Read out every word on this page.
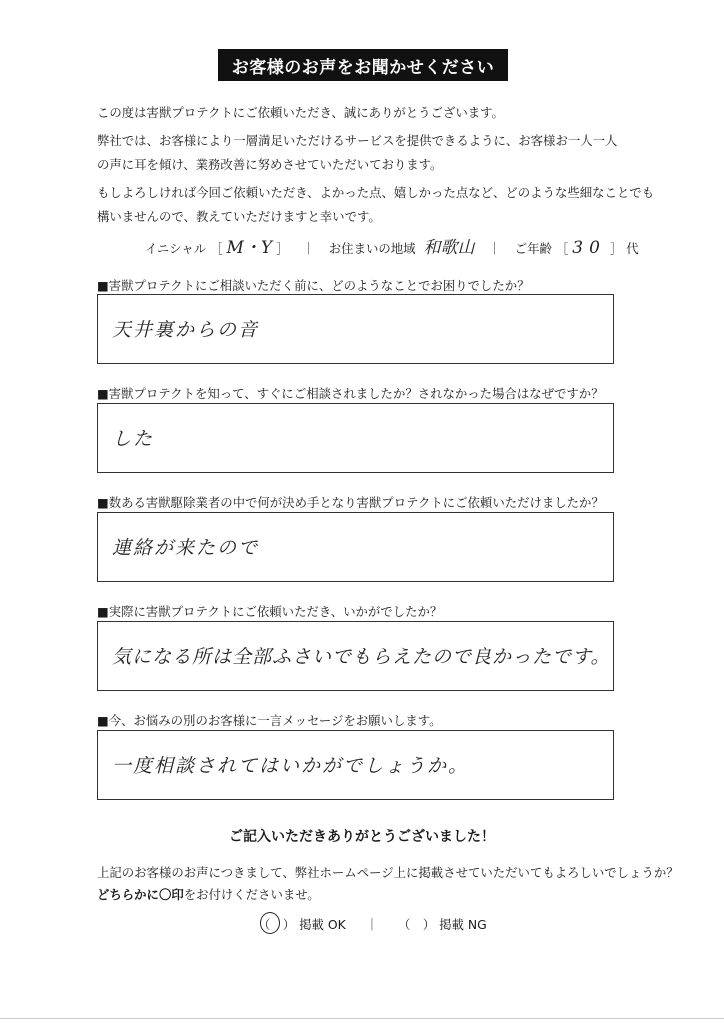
お客様のお声をお聞かせください

この度は害獣プロテクトにご依頼いただき、誠にありがとうございます。

弊社では、お客様により一層満足いただけるサービスを提供できるように、お客様お一人一人

の声に耳を傾け、業務改善に努めさせていただいております。

もしよろしければ今回ご依頼いただき、よかった点、嬉しかった点など、どのような些細なことでも

構いませんので、教えていただけますと幸いです。

イニシャル ［ M・Y ］ ｜ お住まいの地域 和歌山 ｜ ご年齢 ［ 30 ］ 代
■害獣プロテクトにご相談いただく前に、どのようなことでお困りでしたか？
天井裏からの音
■害獣プロテクトを知って、すぐにご相談されましたか？されなかった場合はなぜですか？
した
■数ある害獣駆除業者の中で何が決め手となり害獣プロテクトにご依頼いただけましたか？
連絡が来たので
■実際に害獣プロテクトにご依頼いただき、いかがでしたか？
気になる所は全部ふさいでもらえたので良かったです。
■今、お悩みの別のお客様に一言メッセージをお願いします。
一度相談されてはいかがでしょうか。
ご記入いただきありがとうございました！

上記のお客様のお声につきまして、弊社ホームページ上に掲載させていただいてもよろしいでしょうか？

どちらかに〇印をお付けくださいませ。

（　） 掲載 OK ｜ （　） 掲載 NG
